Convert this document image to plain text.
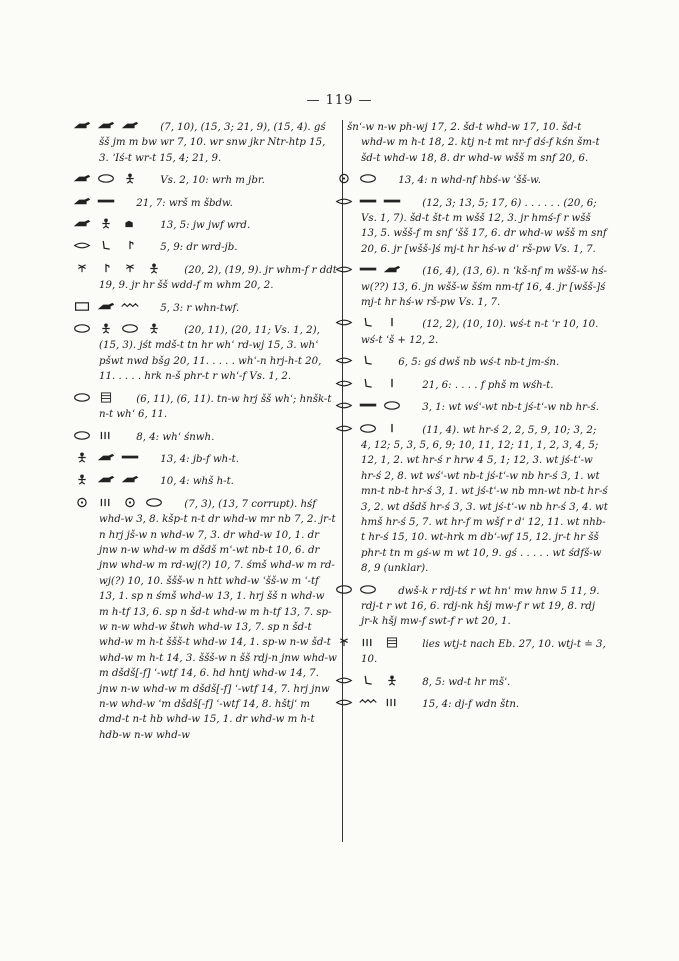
— 119 —
(7, 10), (15, 3; 21, 9), (15, 4). gś šš jm m bw wr 7, 10. wr snw jkr Ntr-htp 15, 3. ʾIś-t wr-t 15, 4; 21, 9.
Vs. 2, 10: wrh m jbr.
21, 7: wrš m šbdw.
13, 5: jw jwf wrd.
5, 9: dr wrd-jb.
(20, 2), (19, 9). jr whm-f r ddt 19, 9. jr hr šš wdd-f m whm 20, 2.
5, 3: r whn-twf.
(20, 11), (20, 11; Vs. 1, 2), (15, 3). jśt mdš-t tn hr whʿ rd-wj 15, 3. whʿ pšwt nwd bšg 20, 11. . . . . whʿ-n hrj-h-t 20, 11. . . . . hrk n-š phr-t r whʿ-f Vs. 1, 2.
(6, 11), (6, 11). tn-w hrj šš whʿ; hnšk-t n-t whʿ 6, 11.
8, 4: whʿ śnwh.
13, 4: jb-f wh-t.
10, 4: whš h-t.
(7, 3), (13, 7 corrupt). hśf whd-w 3, 8. kšp-t n-t dr whd-w mr nb 7, 2. jr-t n hrj jš-w n whd-w 7, 3. dr whd-w 10, 1. dr jnw n-w whd-w m dšdš mʿ-wt nb-t 10, 6. dr jnw whd-w m rd-wj(?) 10, 7. śmš whd-w m rd-wj(?) 10, 10. ššš-w n htt whd-w ʿšš-w m ʿ-tf 13, 1. sp n śmš whd-w 13, 1. hrj šš n whd-w m h-tf 13, 6. sp n šd-t whd-w m h-tf 13, 7. sp-w n-w whd-w štwh whd-w 13, 7. sp n šd-t whd-w m h-t ššš-t whd-w 14, 1. sp-w n-w šd-t whd-w m h-t 14, 3. ššš-w n šš rdj-n jnw whd-w m dšdš[-f] ʿ-wtf 14, 6. hd hntj whd-w 14, 7. jnw n-w whd-w m dšdš[-f] ʿ-wtf 14, 7. hrj jnw n-w whd-w ʿm dšdš[-f] ʿ-wtf 14, 8. hštjʿ m dmd-t n-t hb whd-w 15, 1. dr whd-w m h-t hdb-w n-w whd-w
šnʿ-w n-w ph-wj 17, 2. šd-t whd-w 17, 10. šd-t whd-w m h-t 18, 2. ktj n-t mt nr-f dś-f kśn šm-t šd-t whd-w 18, 8. dr whd-w wšš m snf 20, 6.
13, 4: n whd-nf hbś-w ʿšš-w.
(12, 3; 13, 5; 17, 6) . . . . . . (20, 6; Vs. 1, 7). šd-t št-t m wšš 12, 3. jr hmś-f r wšš 13, 5. wšš-f m snf ʿšš 17, 6. dr whd-w wšš m snf 20, 6. jr [wšš-]ś mj-t hr hś-w dʿ rš-pw Vs. 1, 7.
(16, 4), (13, 6). n ʿkš-nf m wšš-w hś-w(??) 13, 6. jn wšš-w šśm nm-tf 16, 4. jr [wšš-]ś mj-t hr hś-w rš-pw Vs. 1, 7.
(12, 2), (10, 10). wś-t n-t ʿr 10, 10. wś-t ʿš + 12, 2.
6, 5: gś dwš nb wś-t nb-t jm-śn.
21, 6: . . . . f phš m wśh-t.
3, 1: wt wśʿ-wt nb-t jś-tʿ-w nb hr-ś.
(11, 4). wt hr-ś 2, 2, 5, 9, 10; 3, 2; 4, 12; 5, 3, 5, 6, 9; 10, 11, 12; 11, 1, 2, 3, 4, 5; 12, 1, 2. wt hr-ś r hrw 4 5, 1; 12, 3. wt jś-tʿ-w hr-ś 2, 8. wt wśʿ-wt nb-t jś-tʿ-w nb hr-ś 3, 1. wt mn-t nb-t hr-ś 3, 1. wt jś-tʿ-w nb mn-wt nb-t hr-ś 3, 2. wt dšdš hr-ś 3, 3. wt jś-tʿ-w nb hr-ś 3, 4. wt hmš hr-ś 5, 7. wt hr-f m wšf r dʿ 12, 11. wt nhb-t hr-ś 15, 10. wt-hrk m dbʿ-wf 15, 12. jr-t hr šš phr-t tn m gś-w m wt 10, 9. gś . . . . . wt śdfš-w 8, 9 (unklar).
dwš-k r rdj-tś r wt hnʿ mw hnw 5 11, 9. rdj-t r wt 16, 6. rdj-nk hšj mw-f r wt 19, 8. rdj jr-k hšj mw-f swt-f r wt 20, 1.
lies wtj-t nach Eb. 27, 10. wtj-t ≐ 3, 10.
8, 5: wd-t hr mšʿ.
15, 4: dj-f wdn štn.
